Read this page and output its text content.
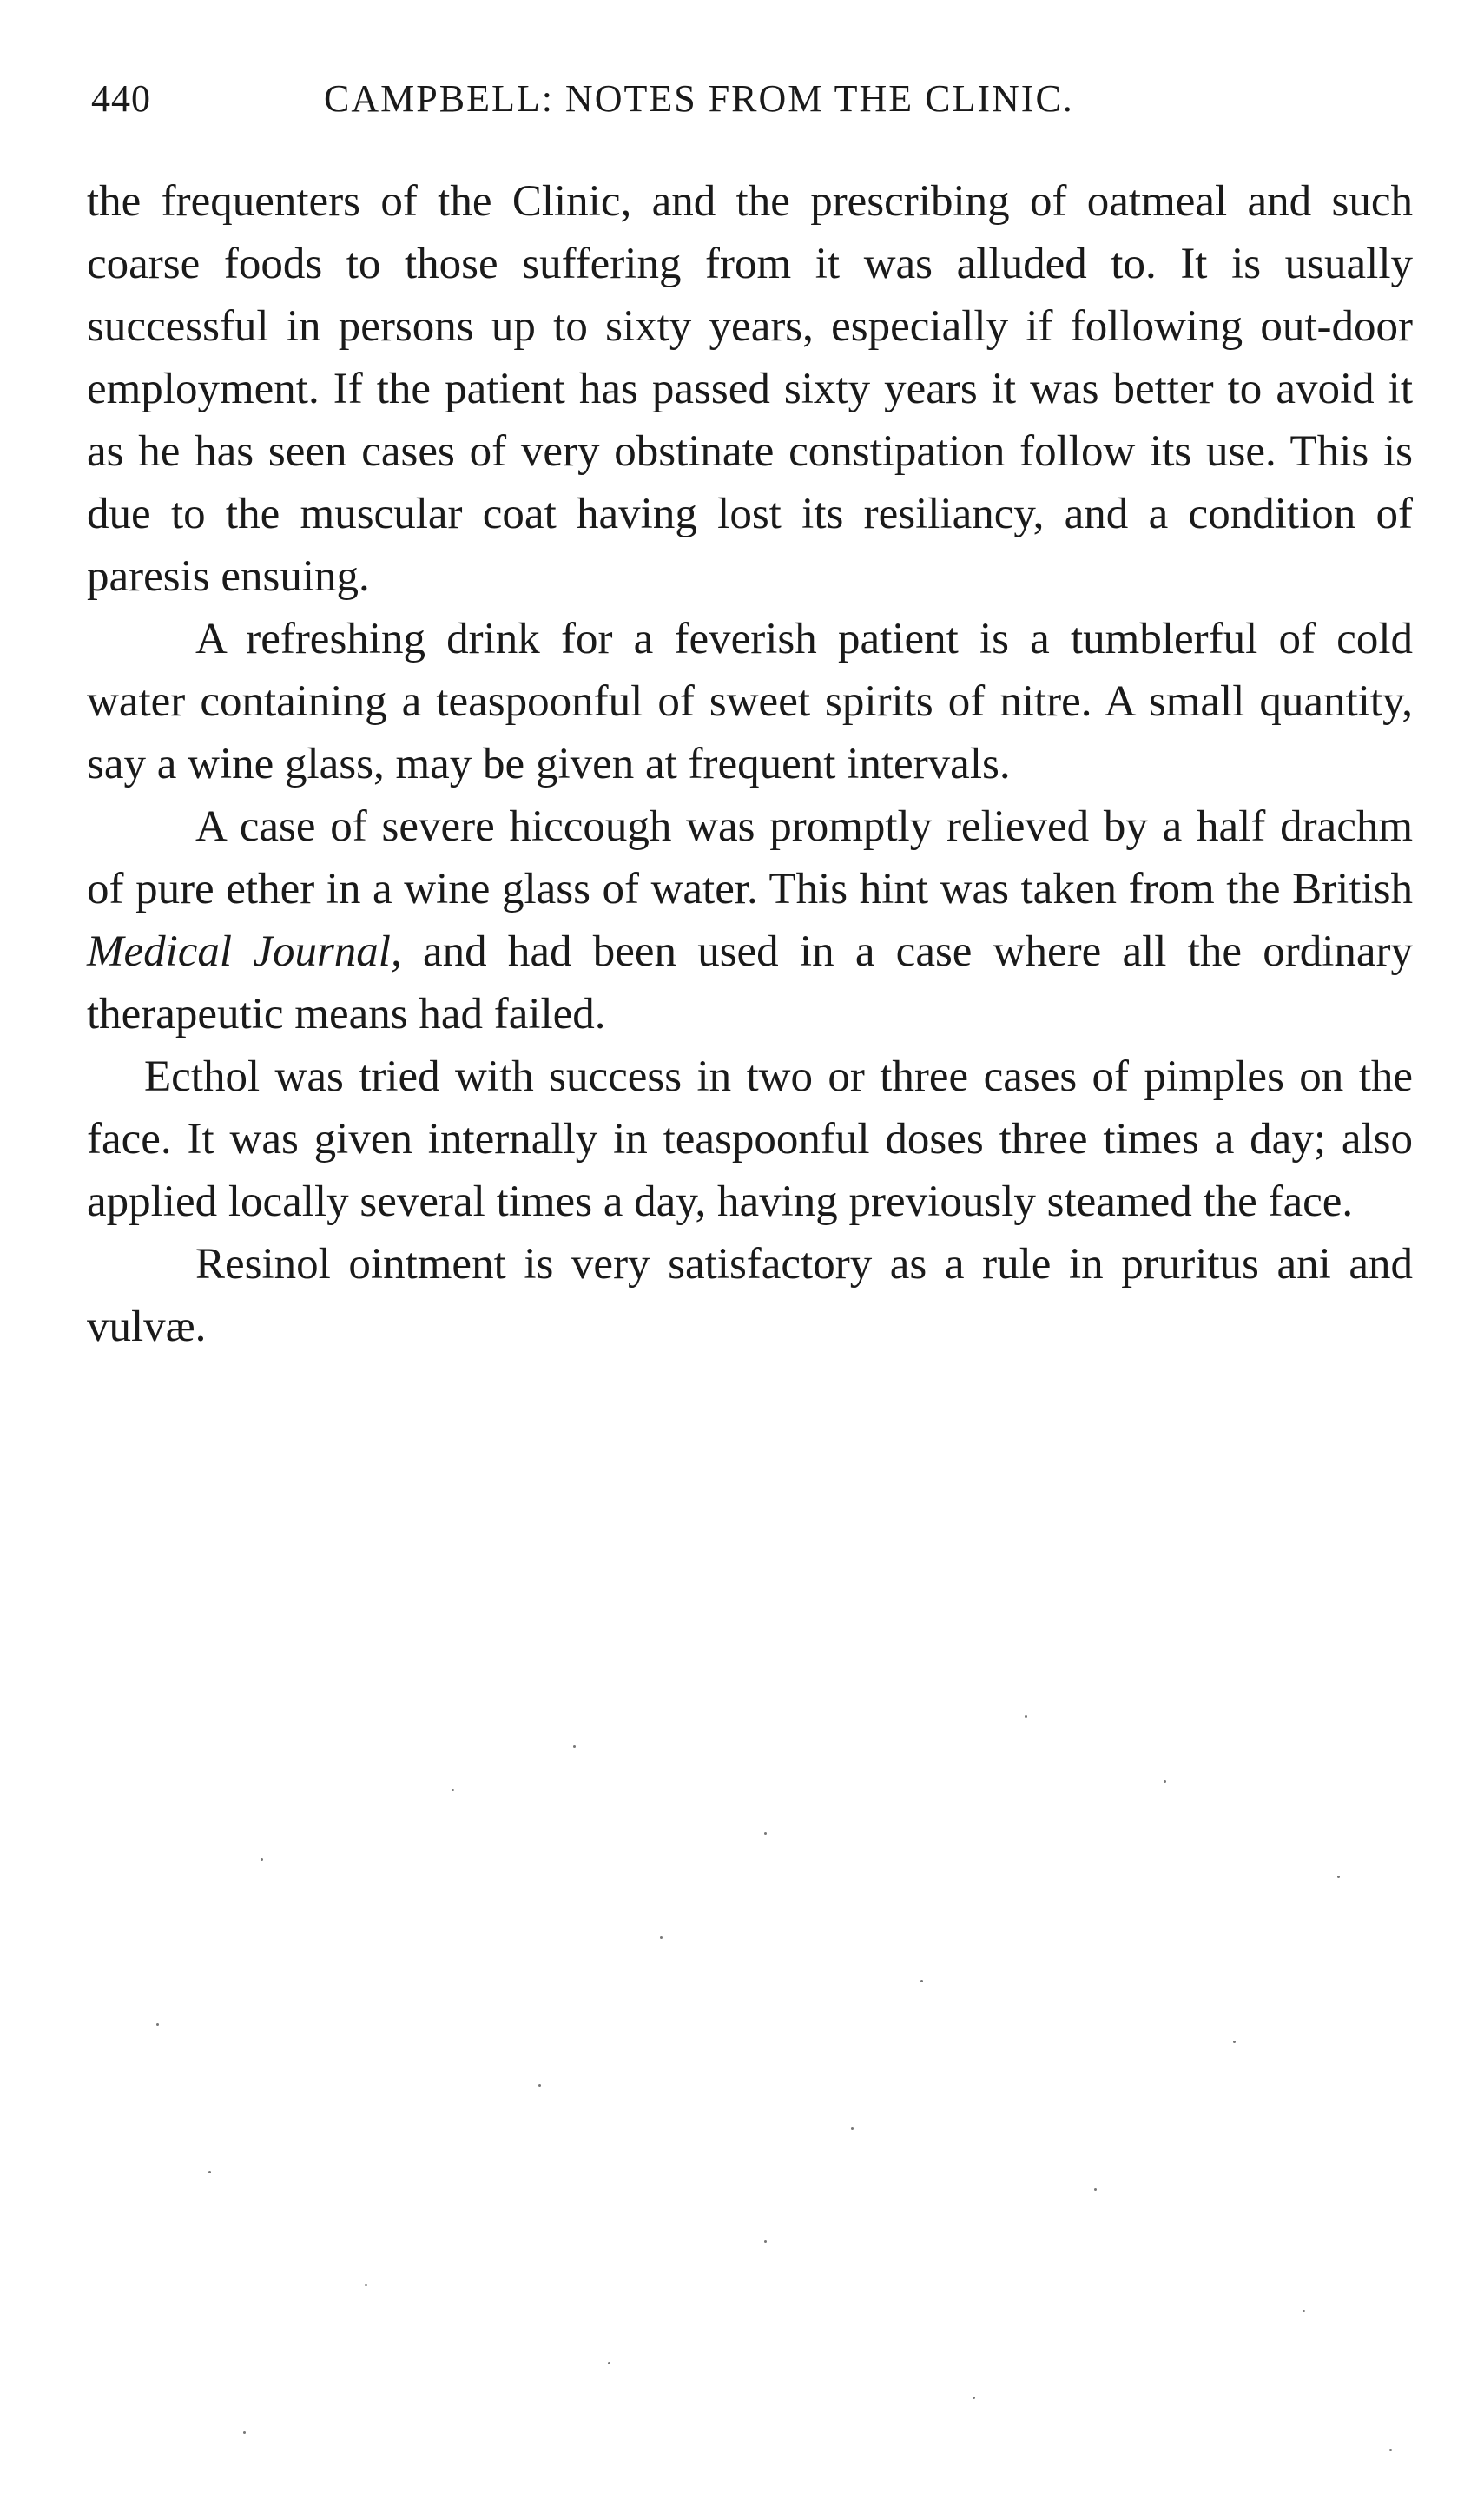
440	CAMPBELL: NOTES FROM THE CLINIC.

the frequenters of the Clinic, and the prescribing of oatmeal and such coarse foods to those suffering from it was alluded to. It is usually successful in persons up to sixty years, especially if following out-door employment. If the patient has passed sixty years it was better to avoid it as he has seen cases of very obstinate constipation follow its use. This is due to the muscular coat having lost its resiliancy, and a condition of paresis ensuing.

A refreshing drink for a feverish patient is a tumblerful of cold water containing a teaspoonful of sweet spirits of nitre. A small quantity, say a wine glass, may be given at frequent intervals.

A case of severe hiccough was promptly relieved by a half drachm of pure ether in a wine glass of water. This hint was taken from the British Medical Journal, and had been used in a case where all the ordinary therapeutic means had failed.

Ecthol was tried with success in two or three cases of pimples on the face. It was given internally in teaspoonful doses three times a day; also applied locally several times a day, having previously steamed the face.

Resinol ointment is very satisfactory as a rule in pruritus ani and vulvæ.
